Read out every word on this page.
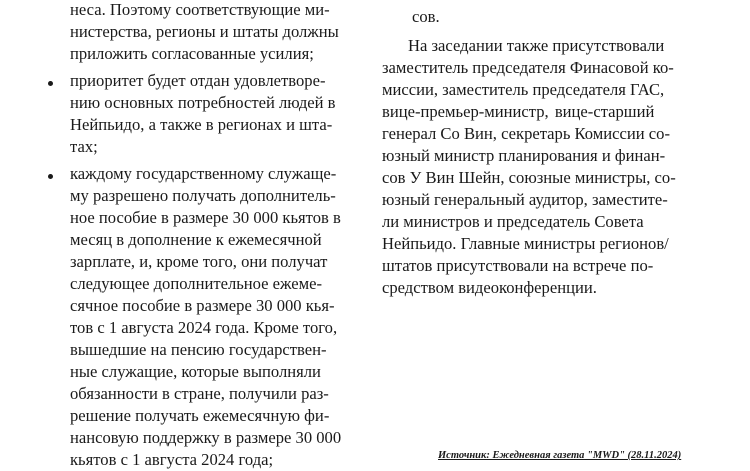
неса. Поэтому соответствующие ми-
нистерства, регионы и штаты должны
приложить согласованные усилия;
приоритет будет отдан удовлетворе-
нию основных потребностей людей в
Нейпьидо, а также в регионах и шта-
тах;
каждому государственному служаще-
му разрешено получать дополнитель-
ное пособие в размере 30 000 кьятов в
месяц в дополнение к ежемесячной
зарплате, и, кроме того, они получат
следующее дополнительное ежеме-
сячное пособие в размере 30 000 кья-
тов с 1 августа 2024 года. Кроме того,
вышедшие на пенсию государствен-
ные служащие, которые выполняли
обязанности в стране, получили раз-
решение получать ежемесячную фи-
нансовую поддержку в размере 30 000
кьятов с 1 августа 2024 года;
сов.
На заседании также присутствовали
заместитель председателя Финасовой ко-
миссии, заместитель председателя ГАС,
вице-премьер-министр, вице-старший
генерал Со Вин, секретарь Комиссии со-
юзный министр планирования и финан-
сов У Вин Шейн, союзные министры, со-
юзный генеральный аудитор, заместите-
ли министров и председатель Совета
Нейпьидо. Главные министры регионов/
штатов присутствовали на встрече по-
средством видеоконференции.
Источник: Ежедневная газета "MWD" (28.11.2024)
